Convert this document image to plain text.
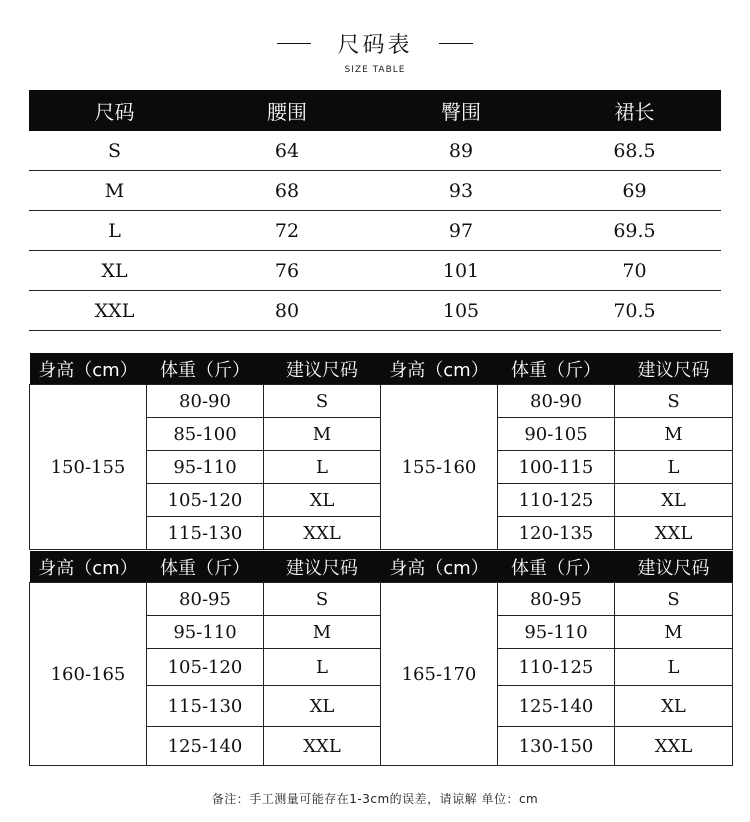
尺码表
SIZE TABLE
尺码	腰围	臀围	裙长
S	64	89	68.5
M	68	93	69
L	72	97	69.5
XL	76	101	70
XXL	80	105	70.5
身高（cm）	体重（斤）	建议尺码	身高（cm）	体重（斤）	建议尺码
150-155	80-90	S	155-160	80-90	S
	85-100	M		90-105	M
	95-110	L		100-115	L
	105-120	XL		110-125	XL
	115-130	XXL		120-135	XXL
身高（cm）	体重（斤）	建议尺码	身高（cm）	体重（斤）	建议尺码
160-165	80-95	S	165-170	80-95	S
	95-110	M		95-110	M
	105-120	L		110-125	L
	115-130	XL		125-140	XL
	125-140	XXL		130-150	XXL
备注：手工测量可能存在1-3cm的误差，请谅解 单位：cm
